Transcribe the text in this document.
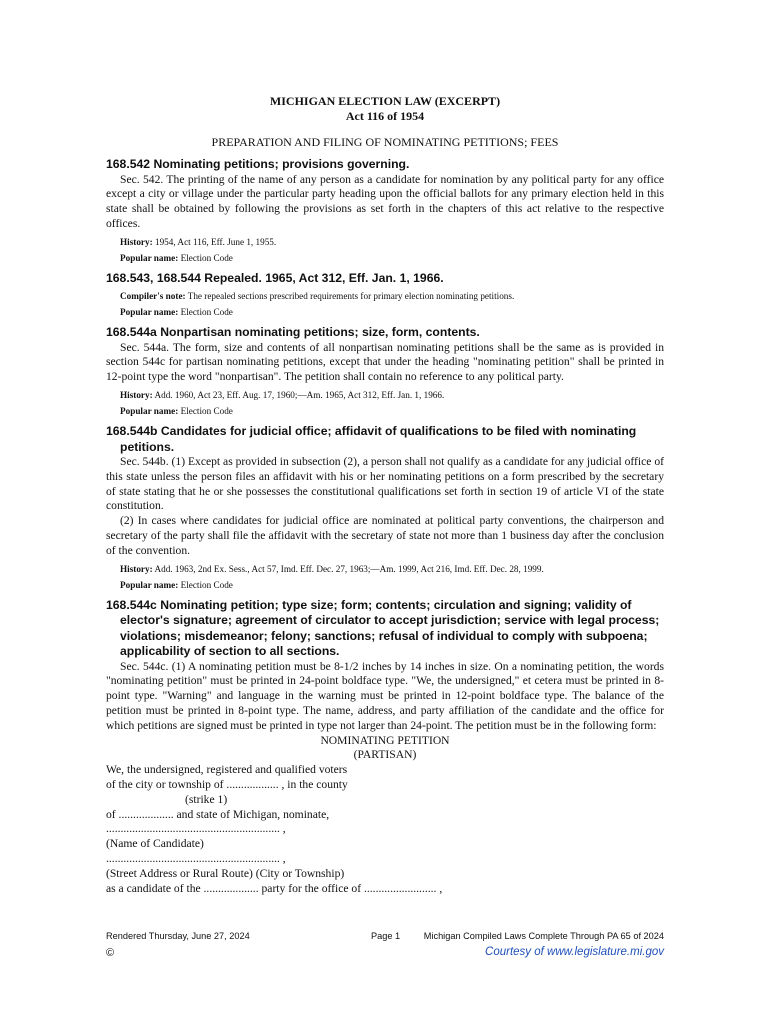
MICHIGAN ELECTION LAW (EXCERPT)
Act 116 of 1954
PREPARATION AND FILING OF NOMINATING PETITIONS; FEES
168.542 Nominating petitions; provisions governing.

Sec. 542. The printing of the name of any person as a candidate for nomination by any political party for any office except a city or village under the particular party heading upon the official ballots for any primary election held in this state shall be obtained by following the provisions as set forth in the chapters of this act relative to the respective offices.

History: 1954, Act 116, Eff. June 1, 1955.
Popular name: Election Code
168.543, 168.544 Repealed. 1965, Act 312, Eff. Jan. 1, 1966.
Compiler's note: The repealed sections prescribed requirements for primary election nominating petitions.
Popular name: Election Code
168.544a Nonpartisan nominating petitions; size, form, contents.

Sec. 544a. The form, size and contents of all nonpartisan nominating petitions shall be the same as is provided in section 544c for partisan nominating petitions, except that under the heading "nominating petition" shall be printed in 12-point type the word "nonpartisan". The petition shall contain no reference to any political party.

History: Add. 1960, Act 23, Eff. Aug. 17, 1960;—Am. 1965, Act 312, Eff. Jan. 1, 1966.
Popular name: Election Code
168.544b Candidates for judicial office; affidavit of qualifications to be filed with nominating petitions.

Sec. 544b. (1) Except as provided in subsection (2), a person shall not qualify as a candidate for any judicial office of this state unless the person files an affidavit with his or her nominating petitions on a form prescribed by the secretary of state stating that he or she possesses the constitutional qualifications set forth in section 19 of article VI of the state constitution.

(2) In cases where candidates for judicial office are nominated at political party conventions, the chairperson and secretary of the party shall file the affidavit with the secretary of state not more than 1 business day after the conclusion of the convention.

History: Add. 1963, 2nd Ex. Sess., Act 57, Imd. Eff. Dec. 27, 1963;—Am. 1999, Act 216, Imd. Eff. Dec. 28, 1999.
Popular name: Election Code
168.544c Nominating petition; type size; form; contents; circulation and signing; validity of elector's signature; agreement of circulator to accept jurisdiction; service with legal process; violations; misdemeanor; felony; sanctions; refusal of individual to comply with subpoena; applicability of section to all sections.

Sec. 544c. (1) A nominating petition must be 8-1/2 inches by 14 inches in size. On a nominating petition, the words "nominating petition" must be printed in 24-point boldface type. "We, the undersigned," et cetera must be printed in 8-point type. "Warning" and language in the warning must be printed in 12-point boldface type. The balance of the petition must be printed in 8-point type. The name, address, and party affiliation of the candidate and the office for which petitions are signed must be printed in type not larger than 24-point. The petition must be in the following form:

NOMINATING PETITION
(PARTISAN)
We, the undersigned, registered and qualified voters
of the city or township of .................. , in the county
(strike 1)
of ................... and state of Michigan, nominate,
............................................................ ,
(Name of Candidate)
............................................................ ,
(Street Address or Rural Route) (City or Township)
as a candidate of the ................... party for the office of ......................... ,
Rendered Thursday, June 27, 2024	Page 1	Michigan Compiled Laws Complete Through PA 65 of 2024
©	Courtesy of www.legislature.mi.gov
